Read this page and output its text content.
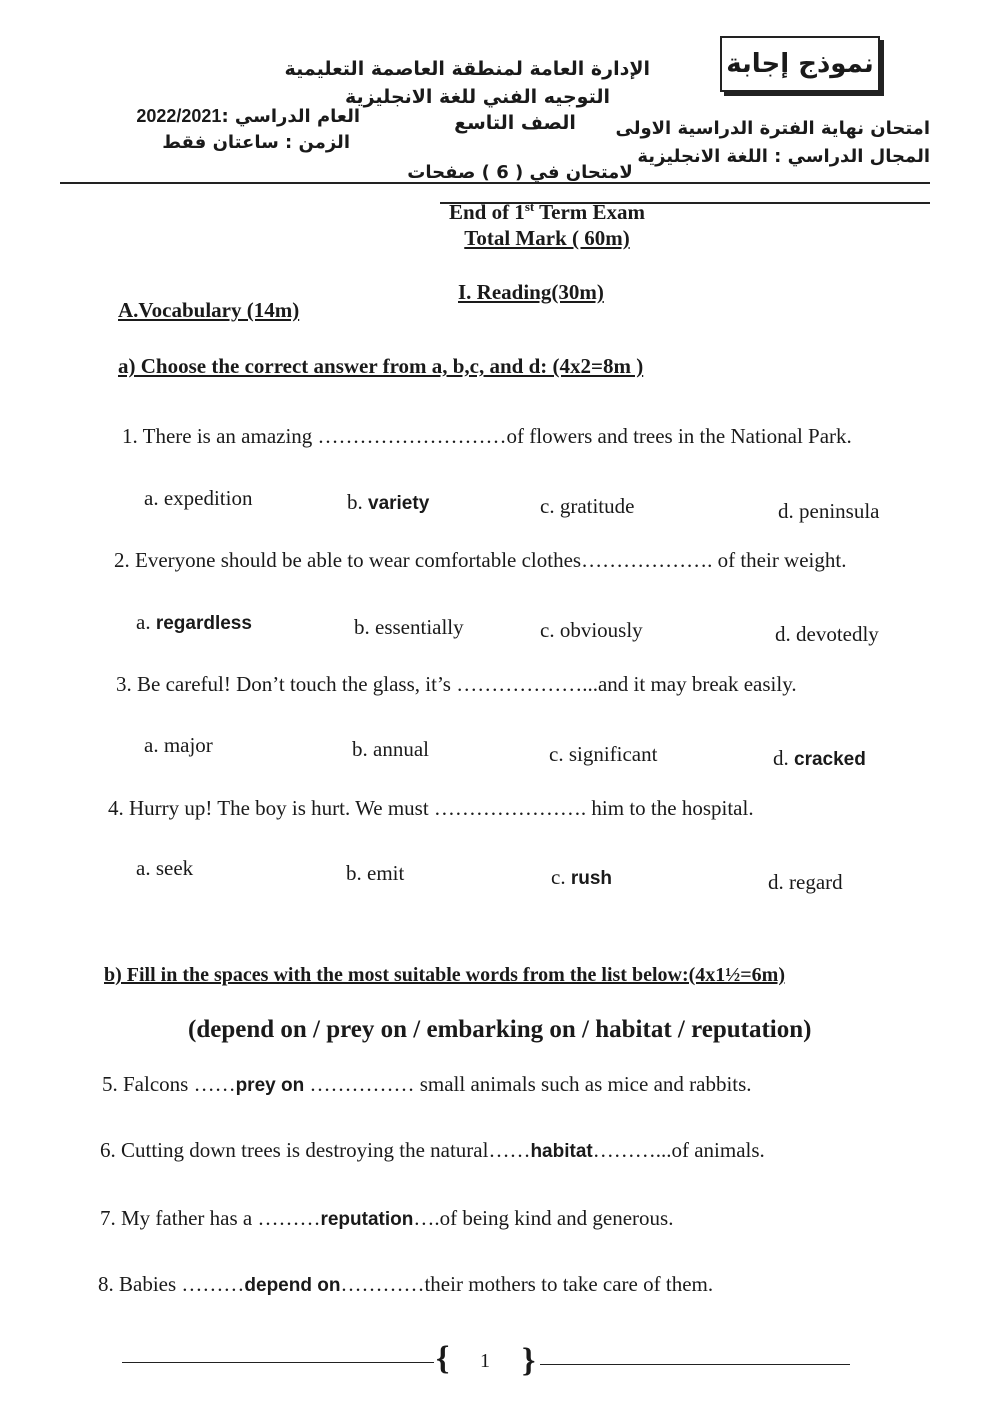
نموذج إجابة
الإدارة العامة لمنطقة العاصمة التعليمية
التوجيه الفني للغة الانجليزية
الصف التاسع	امتحان نهاية الفترة الدراسية الاولى
المجال الدراسي : اللغة الانجليزية
العام الدراسي :2022/2021
الزمن : ساعتان فقط
لامتحان في ( 6 ) صفحات
End of 1st Term Exam
Total Mark ( 60m)
I. Reading(30m)
A.Vocabulary (14m)
a) Choose the correct answer from a, b,c, and d: (4x2=8m )
1. There is an amazing ………………………of flowers and trees in the National Park.
a. expedition	b. variety	c. gratitude	d. peninsula
2. Everyone should be able to wear comfortable clothes………………. of their weight.
a. regardless	b. essentially	c. obviously	d. devotedly
3. Be careful! Don’t touch the glass, it’s ………………...and it may break easily.
a. major	b. annual	c. significant	d. cracked
4. Hurry up! The boy is hurt. We must …………………. him to the hospital.
a. seek	b. emit	c. rush	d. regard
b) Fill in the spaces with the most suitable words from the list below:(4x1½=6m)
(depend on / prey on / embarking on / habitat / reputation)
5. Falcons ……prey on …………… small animals such as mice and rabbits.
6. Cutting down trees is destroying the natural……habitat………...of animals.
7. My father has a ………reputation….of being kind and generous.
8. Babies ………depend on…………their mothers to take care of them.
{ 1 }
